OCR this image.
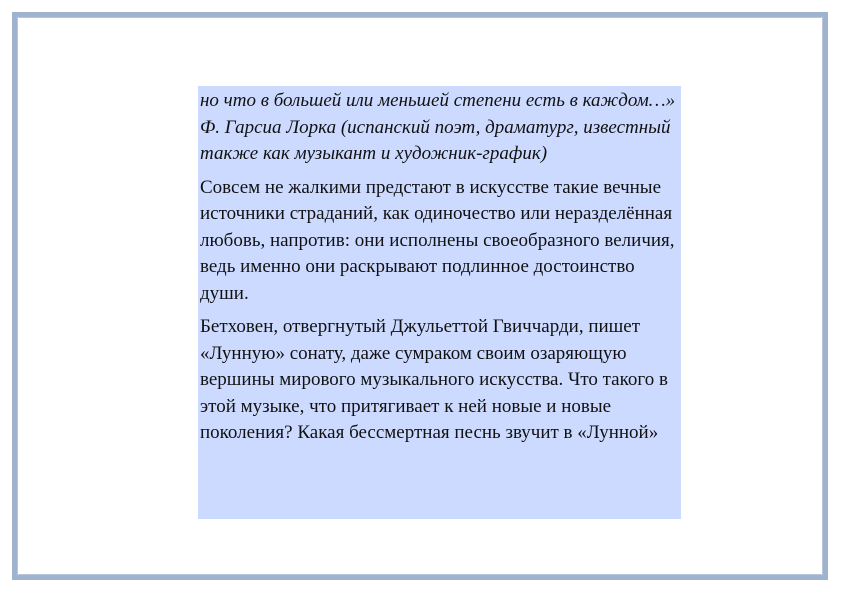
но что в большей или меньшей степени есть в каждом…»

Ф. Гарсиа Лорка (испанский поэт, драматург, известный также как музыкант и художник-график)

Совсем не жалкими предстают в искусстве такие вечные источники страданий, как одиночество или неразделённая любовь, напротив: они исполнены своеобразного величия, ведь именно они раскрывают подлинное достоинство души.

Бетховен, отвергнутый Джульеттой Гвиччарди, пишет «Лунную» сонату, даже сумраком своим озаряющую вершины мирового музыкального искусства. Что такого в этой музыке, что притягивает к ней новые и новые поколения? Какая бессмертная песнь звучит в «Лунной»
